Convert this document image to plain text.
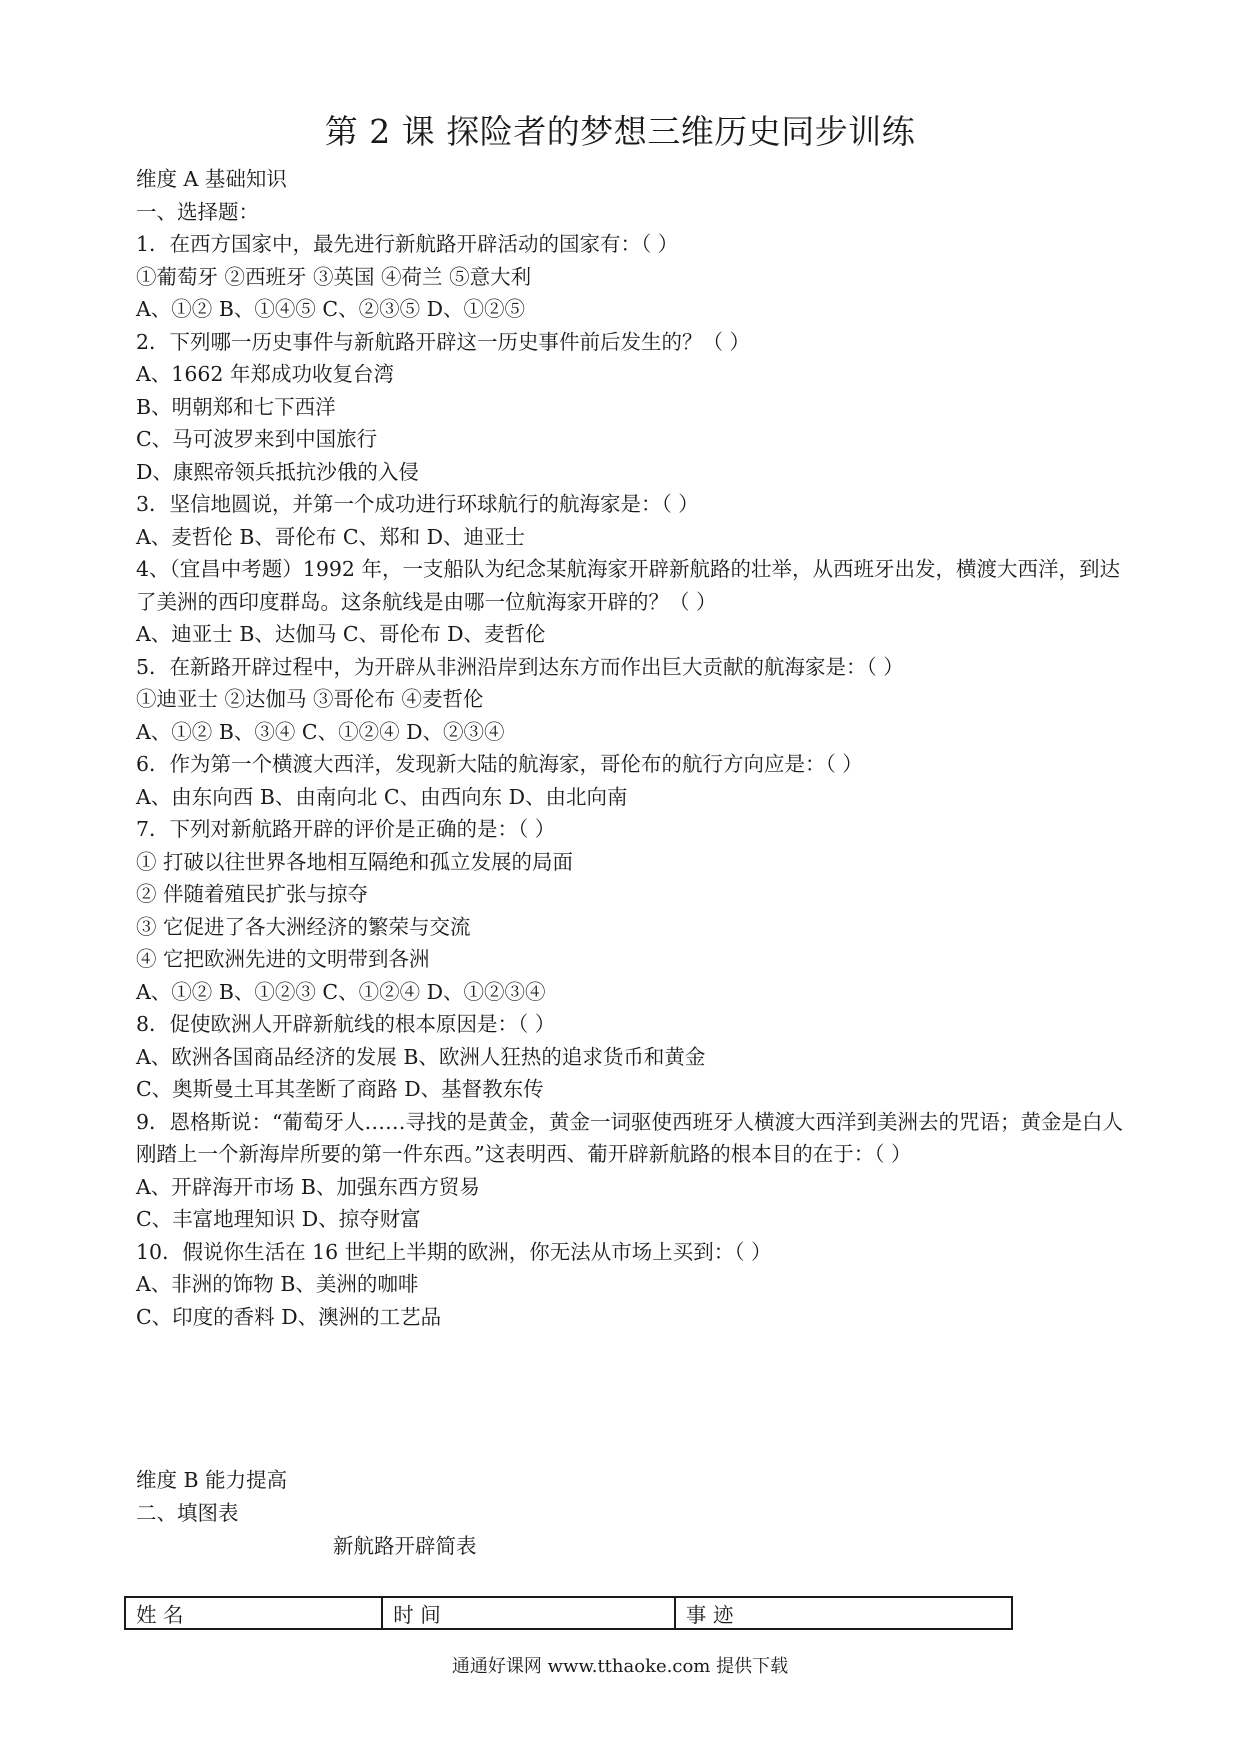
第 2 课 探险者的梦想三维历史同步训练
维度 A 基础知识
一、选择题：
1．在西方国家中，最先进行新航路开辟活动的国家有：（ ）
①葡萄牙 ②西班牙 ③英国 ④荷兰 ⑤意大利
A、①② B、①④⑤ C、②③⑤ D、①②⑤
2．下列哪一历史事件与新航路开辟这一历史事件前后发生的？（ ）
A、1662 年郑成功收复台湾
B、明朝郑和七下西洋
C、马可波罗来到中国旅行
D、康熙帝领兵抵抗沙俄的入侵
3．坚信地圆说，并第一个成功进行环球航行的航海家是：（ ）
A、麦哲伦 B、哥伦布 C、郑和 D、迪亚士
4、（宜昌中考题）1992 年，一支船队为纪念某航海家开辟新航路的壮举，从西班牙出发，横渡大西洋，到达了美洲的西印度群岛。这条航线是由哪一位航海家开辟的？（ ）
A、迪亚士 B、达伽马 C、哥伦布 D、麦哲伦
5．在新路开辟过程中，为开辟从非洲沿岸到达东方而作出巨大贡献的航海家是：（ ）
①迪亚士 ②达伽马 ③哥伦布 ④麦哲伦
A、①② B、③④ C、①②④ D、②③④
6．作为第一个横渡大西洋，发现新大陆的航海家，哥伦布的航行方向应是：（ ）
A、由东向西 B、由南向北 C、由西向东 D、由北向南
7．下列对新航路开辟的评价是正确的是：（ ）
① 打破以往世界各地相互隔绝和孤立发展的局面
② 伴随着殖民扩张与掠夺
③ 它促进了各大洲经济的繁荣与交流
④ 它把欧洲先进的文明带到各洲
A、①② B、①②③ C、①②④ D、①②③④
8．促使欧洲人开辟新航线的根本原因是：（ ）
A、欧洲各国商品经济的发展 B、欧洲人狂热的追求货币和黄金
C、奥斯曼土耳其垄断了商路 D、基督教东传
9．恩格斯说：“葡萄牙人……寻找的是黄金，黄金一词驱使西班牙人横渡大西洋到美洲去的咒语；黄金是白人刚踏上一个新海岸所要的第一件东西。”这表明西、葡开辟新航路的根本目的在于：（ ）
A、开辟海开市场 B、加强东西方贸易
C、丰富地理知识 D、掠夺财富
10．假说你生活在 16 世纪上半期的欧洲，你无法从市场上买到：（ ）
A、非洲的饰物 B、美洲的咖啡
C、印度的香料 D、澳洲的工艺品
维度 B 能力提高
二、填图表
新航路开辟简表
姓 名	时 间	事 迹
通通好课网 www.tthaoke.com 提供下载
